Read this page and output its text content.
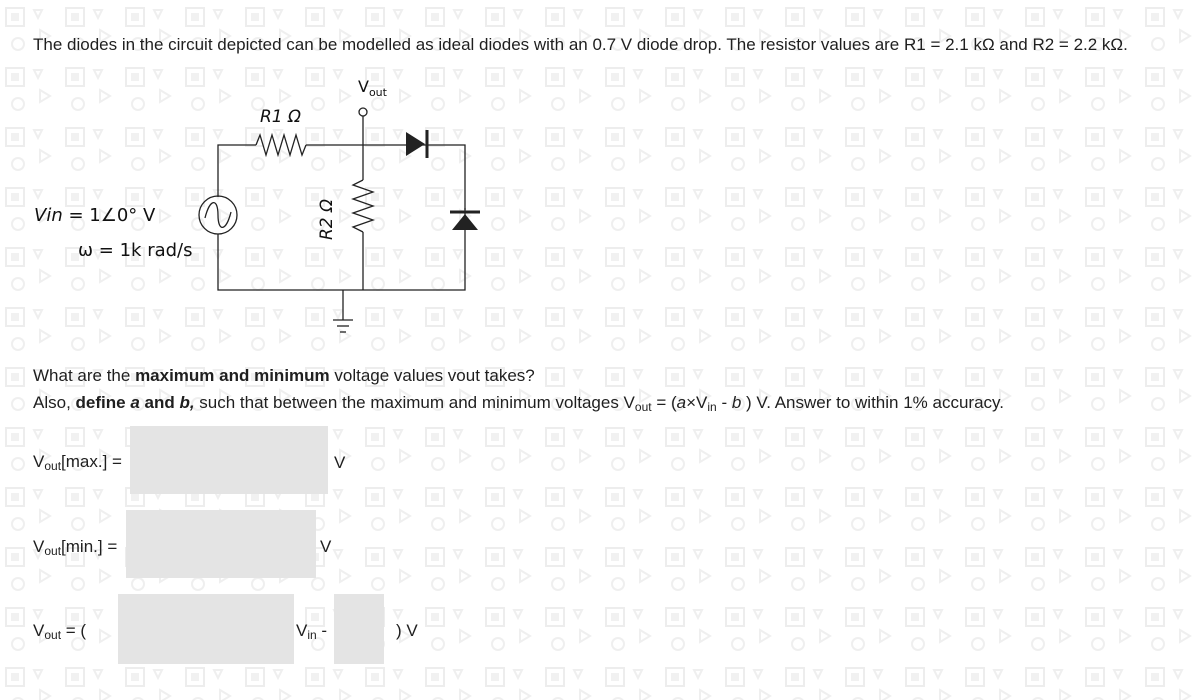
The diodes in the circuit depicted can be modelled as ideal diodes with an 0.7 V diode drop. The resistor values are R1 = 2.1 kΩ and R2 = 2.2 kΩ.
R1 Ω
R2 Ω
$V_{out}$
Vin = 1∠0° V
ω = 1k rad/s
What are the maximum and minimum voltage values vout takes?
Also, define a and b, such that between the maximum and minimum voltages $V_{out} = (a\times V_{in} - b$ ) V. Answer to within 1% accuracy.
$V_{out}[\max.]$ =	V
$V_{out}[\min.]$ =	V
$V_{out}$ = (	$V_{in}$ -	) V
